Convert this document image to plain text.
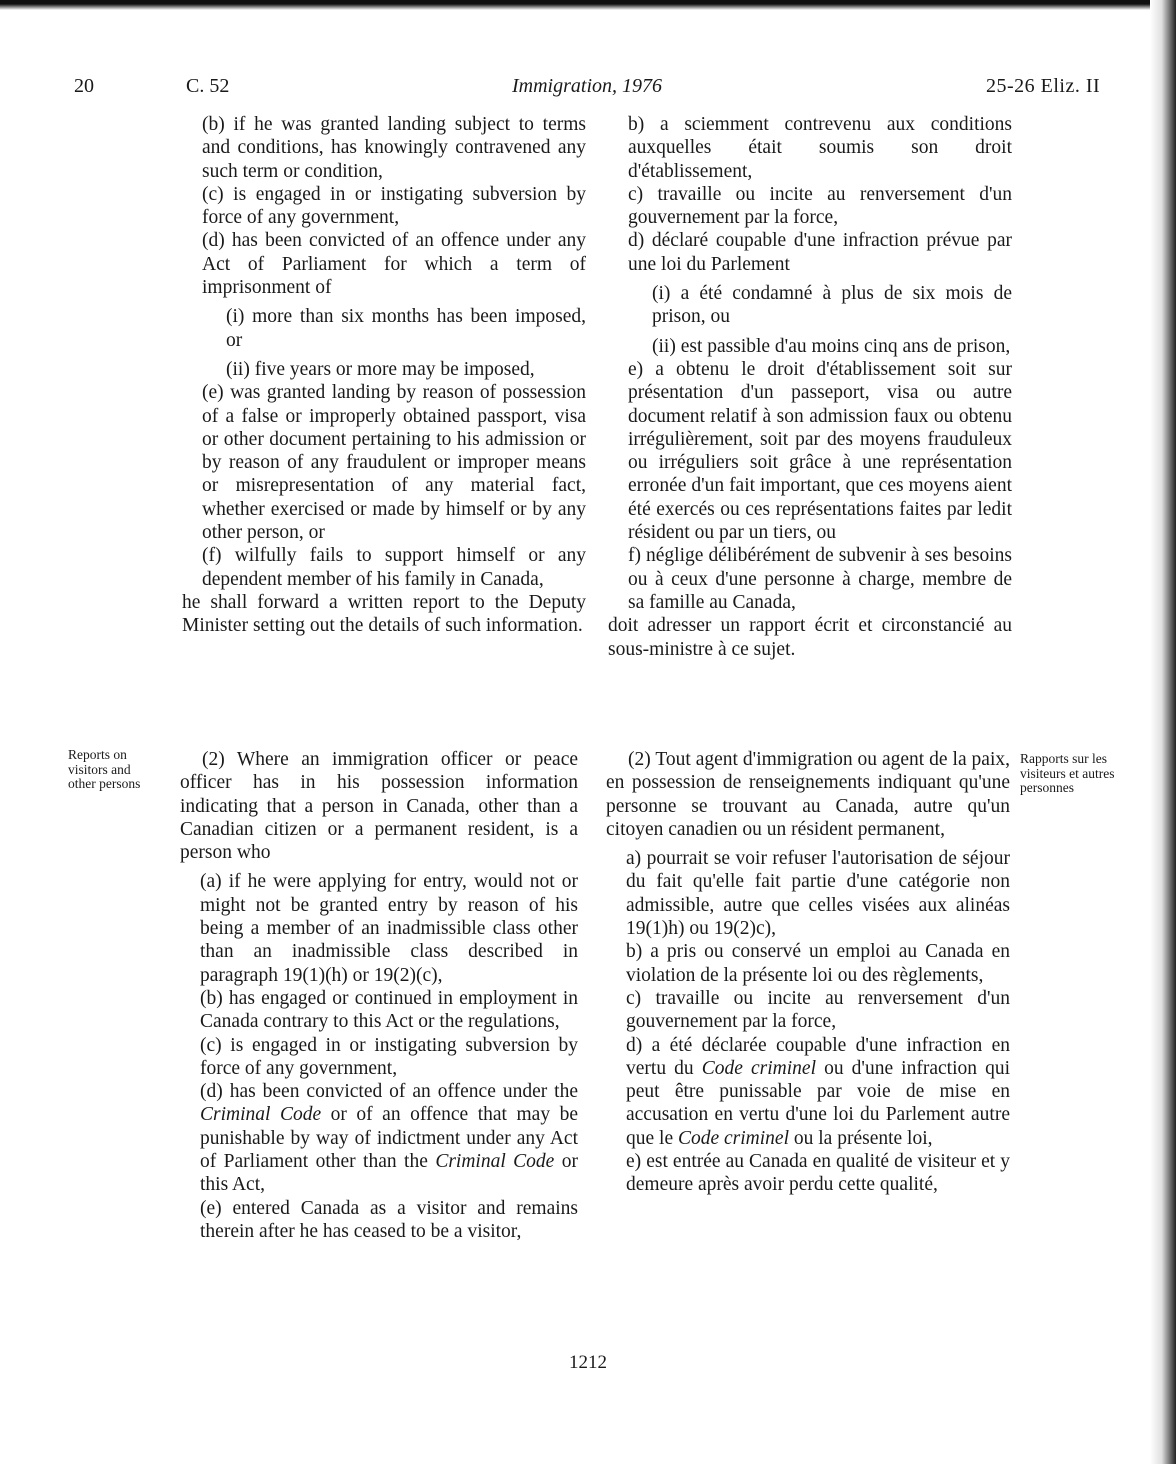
20	C. 52	Immigration, 1976	25-26 Eliz. II

(b) if he was granted landing subject to terms and conditions, has knowingly contravened any such term or condition,

(c) is engaged in or instigating subversion by force of any government,

(d) has been convicted of an offence under any Act of Parliament for which a term of imprisonment of

(i) more than six months has been imposed, or

(ii) five years or more may be imposed,

(e) was granted landing by reason of possession of a false or improperly obtained passport, visa or other document pertaining to his admission or by reason of any fraudulent or improper means or misrepresentation of any material fact, whether exercised or made by himself or by any other person, or

(f) wilfully fails to support himself or any dependent member of his family in Canada,

he shall forward a written report to the Deputy Minister setting out the details of such information.

b) a sciemment contrevenu aux conditions auxquelles était soumis son droit d'établissement,

c) travaille ou incite au renversement d'un gouvernement par la force,

d) déclaré coupable d'une infraction prévue par une loi du Parlement

(i) a été condamné à plus de six mois de prison, ou

(ii) est passible d'au moins cinq ans de prison,

e) a obtenu le droit d'établissement soit sur présentation d'un passeport, visa ou autre document relatif à son admission faux ou obtenu irrégulièrement, soit par des moyens frauduleux ou irréguliers soit grâce à une représentation erronée d'un fait important, que ces moyens aient été exercés ou ces représentations faites par ledit résident ou par un tiers, ou

f) néglige délibérément de subvenir à ses besoins ou à ceux d'une personne à charge, membre de sa famille au Canada,

doit adresser un rapport écrit et circonstancié au sous-ministre à ce sujet.

Reports on visitors and other persons
Rapports sur les visiteurs et autres personnes

(2) Where an immigration officer or peace officer has in his possession information indicating that a person in Canada, other than a Canadian citizen or a permanent resident, is a person who

(a) if he were applying for entry, would not or might not be granted entry by reason of his being a member of an inadmissible class other than an inadmissible class described in paragraph 19(1)(h) or 19(2)(c),

(b) has engaged or continued in employment in Canada contrary to this Act or the regulations,

(c) is engaged in or instigating subversion by force of any government,

(d) has been convicted of an offence under the Criminal Code or of an offence that may be punishable by way of indictment under any Act of Parliament other than the Criminal Code or this Act,

(e) entered Canada as a visitor and remains therein after he has ceased to be a visitor,

(2) Tout agent d'immigration ou agent de la paix, en possession de renseignements indiquant qu'une personne se trouvant au Canada, autre qu'un citoyen canadien ou un résident permanent,

a) pourrait se voir refuser l'autorisation de séjour du fait qu'elle fait partie d'une catégorie non admissible, autre que celles visées aux alinéas 19(1)h) ou 19(2)c),

b) a pris ou conservé un emploi au Canada en violation de la présente loi ou des règlements,

c) travaille ou incite au renversement d'un gouvernement par la force,

d) a été déclarée coupable d'une infraction en vertu du Code criminel ou d'une infraction qui peut être punissable par voie de mise en accusation en vertu d'une loi du Parlement autre que le Code criminel ou la présente loi,

e) est entrée au Canada en qualité de visiteur et y demeure après avoir perdu cette qualité,

1212
